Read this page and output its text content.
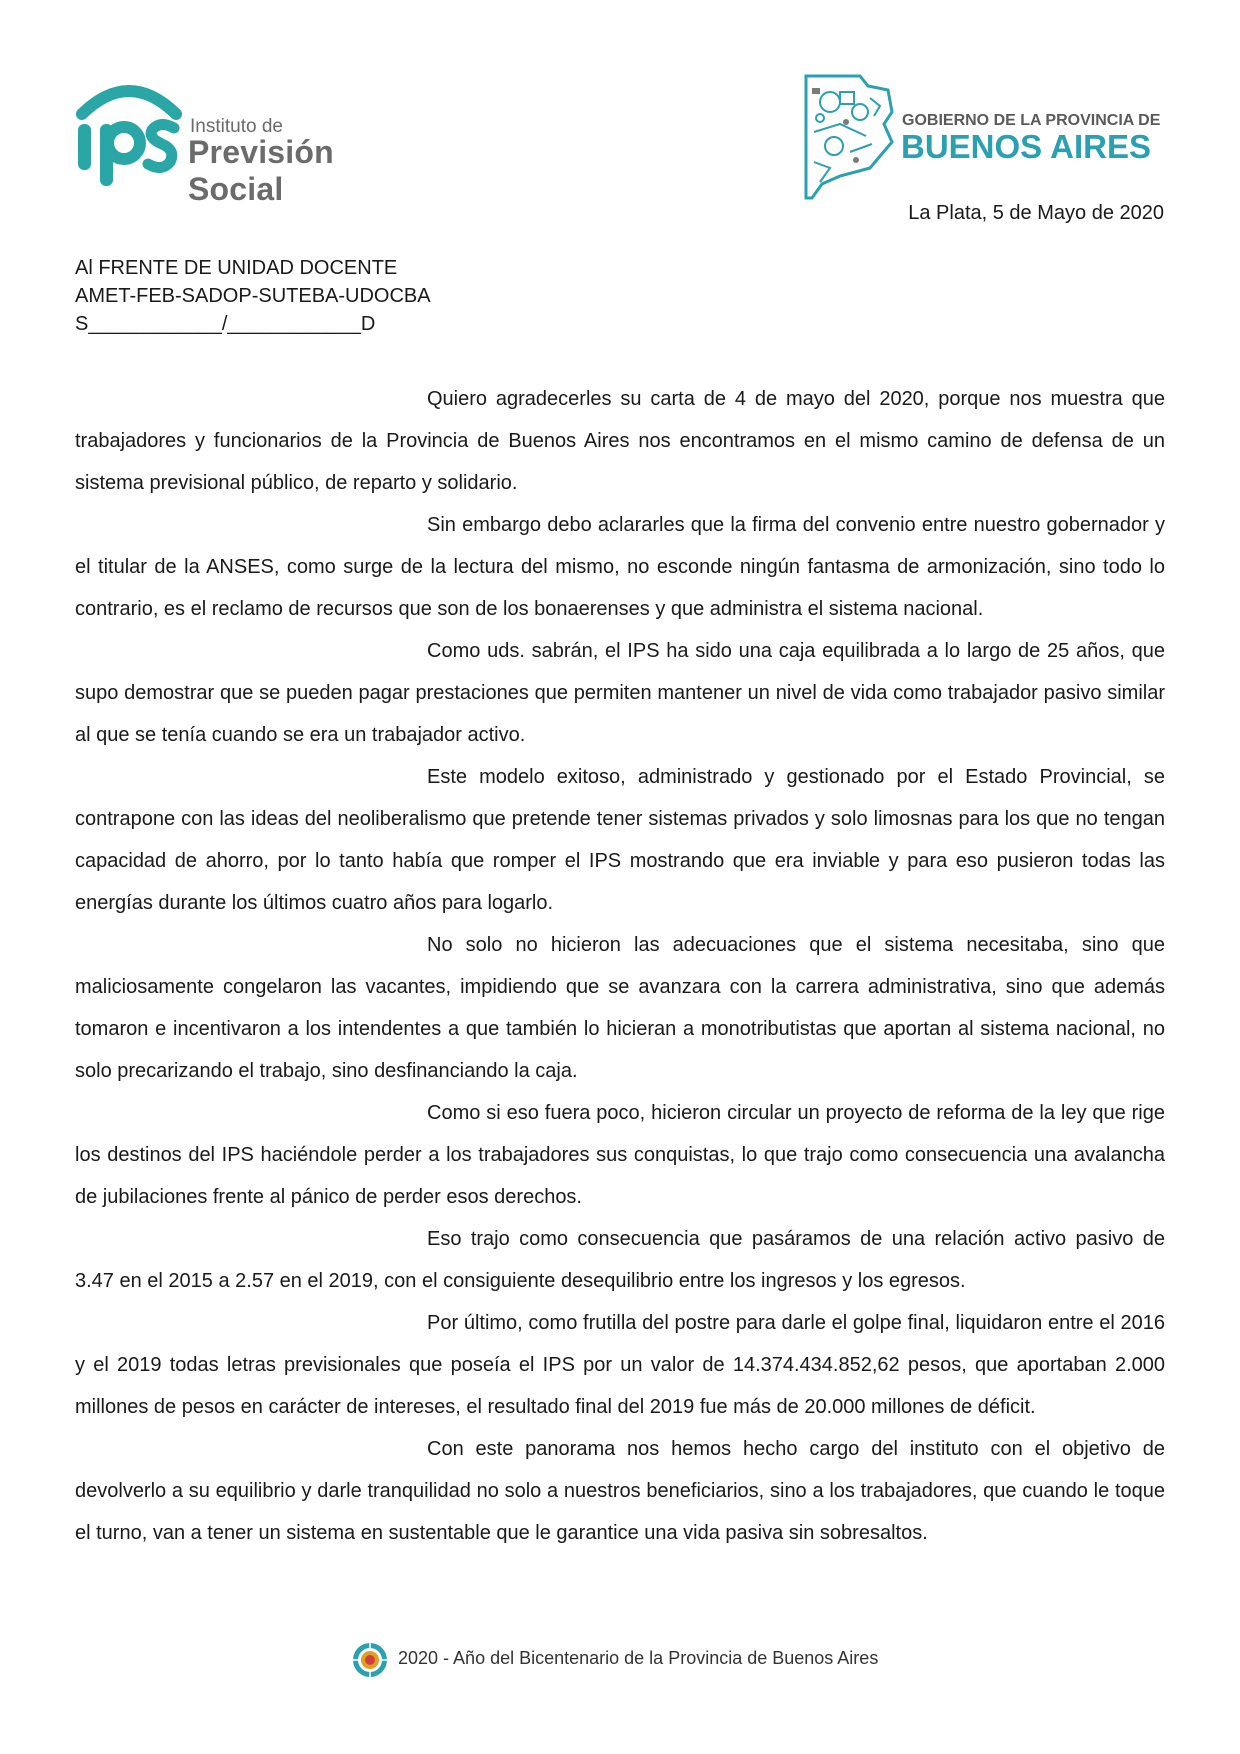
Instituto de
Previsión Social
GOBIERNO DE LA PROVINCIA DE
BUENOS AIRES
La Plata, 5 de Mayo de 2020
Al FRENTE DE UNIDAD DOCENTE
AMET-FEB-SADOP-SUTEBA-UDOCBA
S____________/____________D

Quiero agradecerles su carta de 4 de mayo del 2020, porque nos muestra que trabajadores y funcionarios de la Provincia de Buenos Aires nos encontramos en el mismo camino de defensa de un sistema previsional público, de reparto y solidario.

Sin embargo debo aclararles que la firma del convenio entre nuestro gobernador y el titular de la ANSES, como surge de la lectura del mismo, no esconde ningún fantasma de armonización, sino todo lo contrario, es el reclamo de recursos que son de los bonaerenses y que administra el sistema nacional.

Como uds. sabrán, el IPS ha sido una caja equilibrada a lo largo de 25 años, que supo demostrar que se pueden pagar prestaciones que permiten mantener un nivel de vida como trabajador pasivo similar al que se tenía cuando se era un trabajador activo.

Este modelo exitoso, administrado y gestionado por el Estado Provincial, se contrapone con las ideas del neoliberalismo que pretende tener sistemas privados y solo limosnas para los que no tengan capacidad de ahorro, por lo tanto había que romper el IPS mostrando que era inviable y para eso pusieron todas las energías durante los últimos cuatro años para logarlo.

No solo no hicieron las adecuaciones que el sistema necesitaba, sino que maliciosamente congelaron las vacantes, impidiendo que se avanzara con la carrera administrativa, sino que además tomaron e incentivaron a los intendentes a que también lo hicieran a monotributistas que aportan al sistema nacional, no solo precarizando el trabajo, sino desfinanciando la caja.

Como si eso fuera poco, hicieron circular un proyecto de reforma de la ley que rige los destinos del IPS haciéndole perder a los trabajadores sus conquistas, lo que trajo como consecuencia una avalancha de jubilaciones frente al pánico de perder esos derechos.

Eso trajo como consecuencia que pasáramos de una relación activo pasivo de 3.47 en el 2015 a 2.57 en el 2019, con el consiguiente desequilibrio entre los ingresos y los egresos.

Por último, como frutilla del postre para darle el golpe final, liquidaron entre el 2016 y el 2019 todas letras previsionales que poseía el IPS por un valor de 14.374.434.852,62 pesos, que aportaban 2.000 millones de pesos en carácter de intereses, el resultado final del 2019 fue más de 20.000 millones de déficit.

Con este panorama nos hemos hecho cargo del instituto con el objetivo de devolverlo a su equilibrio y darle tranquilidad no solo a nuestros beneficiarios, sino a los trabajadores, que cuando le toque el turno, van a tener un sistema en sustentable que le garantice una vida pasiva sin sobresaltos.

2020 - Año del Bicentenario de la Provincia de Buenos Aires
